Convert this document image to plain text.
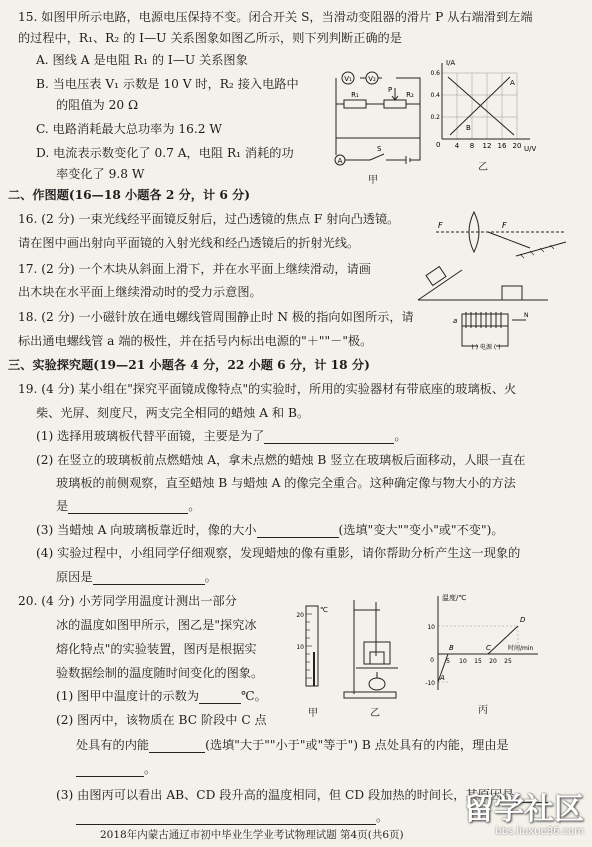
15. 如图甲所示电路，电源电压保持不变。闭合开关 S，当滑动变阻器的滑片 P 从右端滑到左端
的过程中，R₁、R₂ 的 I—U 关系图象如图乙所示，则下列判断正确的是
A. 图线 A 是电阻 R₁ 的 I—U 关系图象
B. 当电压表 V₁ 示数是 10 V 时，R₂ 接入电路中
的阻值为 20 Ω
C. 电路消耗最大总功率为 16.2 W
D. 电流表示数变化了 0.7 A，电阻 R₁ 消耗的功
率变化了 9.8 W
V₁ V₂
R₁	R₂
P
A
S
甲
I/A
U/V
0
A
B
4 8 12 16 20
0.6
0.4
0.2
乙
二、作图题(16—18 小题各 2 分，计 6 分)
16. (2 分) 一束光线经平面镜反射后，过凸透镜的焦点 F 射向凸透镜。
请在图中画出射向平面镜的入射光线和经凸透镜后的折射光线。
F	F
17. (2 分) 一个木块从斜面上滑下，并在水平面上继续滑动，请画
出木块在水平面上继续滑动时的受力示意图。
18. (2 分) 一小磁针放在通电螺线管周围静止时 N 极的指向如图所示，请
标出通电螺线管 a 端的极性，并在括号内标出电源的"＋""－"极。
a
N
( ) 电源 ( )
三、实验探究题(19—21 小题各 4 分，22 小题 6 分，计 18 分)
19. (4 分) 某小组在"探究平面镜成像特点"的实验时，所用的实验器材有带底座的玻璃板、火
柴、光屏、刻度尺，两支完全相同的蜡烛 A 和 B。
(1) 选择用玻璃板代替平面镜，主要是为了	。
(2) 在竖立的玻璃板前点燃蜡烛 A，拿未点燃的蜡烛 B 竖立在玻璃板后面移动，人眼一直在
玻璃板的前侧观察，直至蜡烛 B 与蜡烛 A 的像完全重合。这种确定像与物大小的方法
是	。
(3) 当蜡烛 A 向玻璃板靠近时，像的大小	(选填"变大""变小"或"不变")。
(4) 实验过程中，小组同学仔细观察，发现蜡烛的像有重影，请你帮助分析产生这一现象的
原因是	。
20. (4 分) 小芳同学用温度计测出一部分
冰的温度如图甲所示，图乙是"探究冰
熔化特点"的实验装置，图丙是根据实
验数据绘制的温度随时间变化的图象。
(1) 图甲中温度计的示数为	℃。
(2) 图丙中，该物质在 BC 阶段中 C 点
处具有的内能	(选填"大于""小于"或"等于") B 点处具有的内能，理由是
。
(3) 由图丙可以看出 AB、CD 段升高的温度相同，但 CD 段加热的时间长，其原因是
。
℃
20
10
甲	乙
温度/℃
时间/min
10
-10
0 5 10 15 20 25
A
B	C
D
丙
2018年内蒙古通辽市初中毕业生学业考试物理试题 第4页(共6页)
留学社区
bbs.liuxue86.com
